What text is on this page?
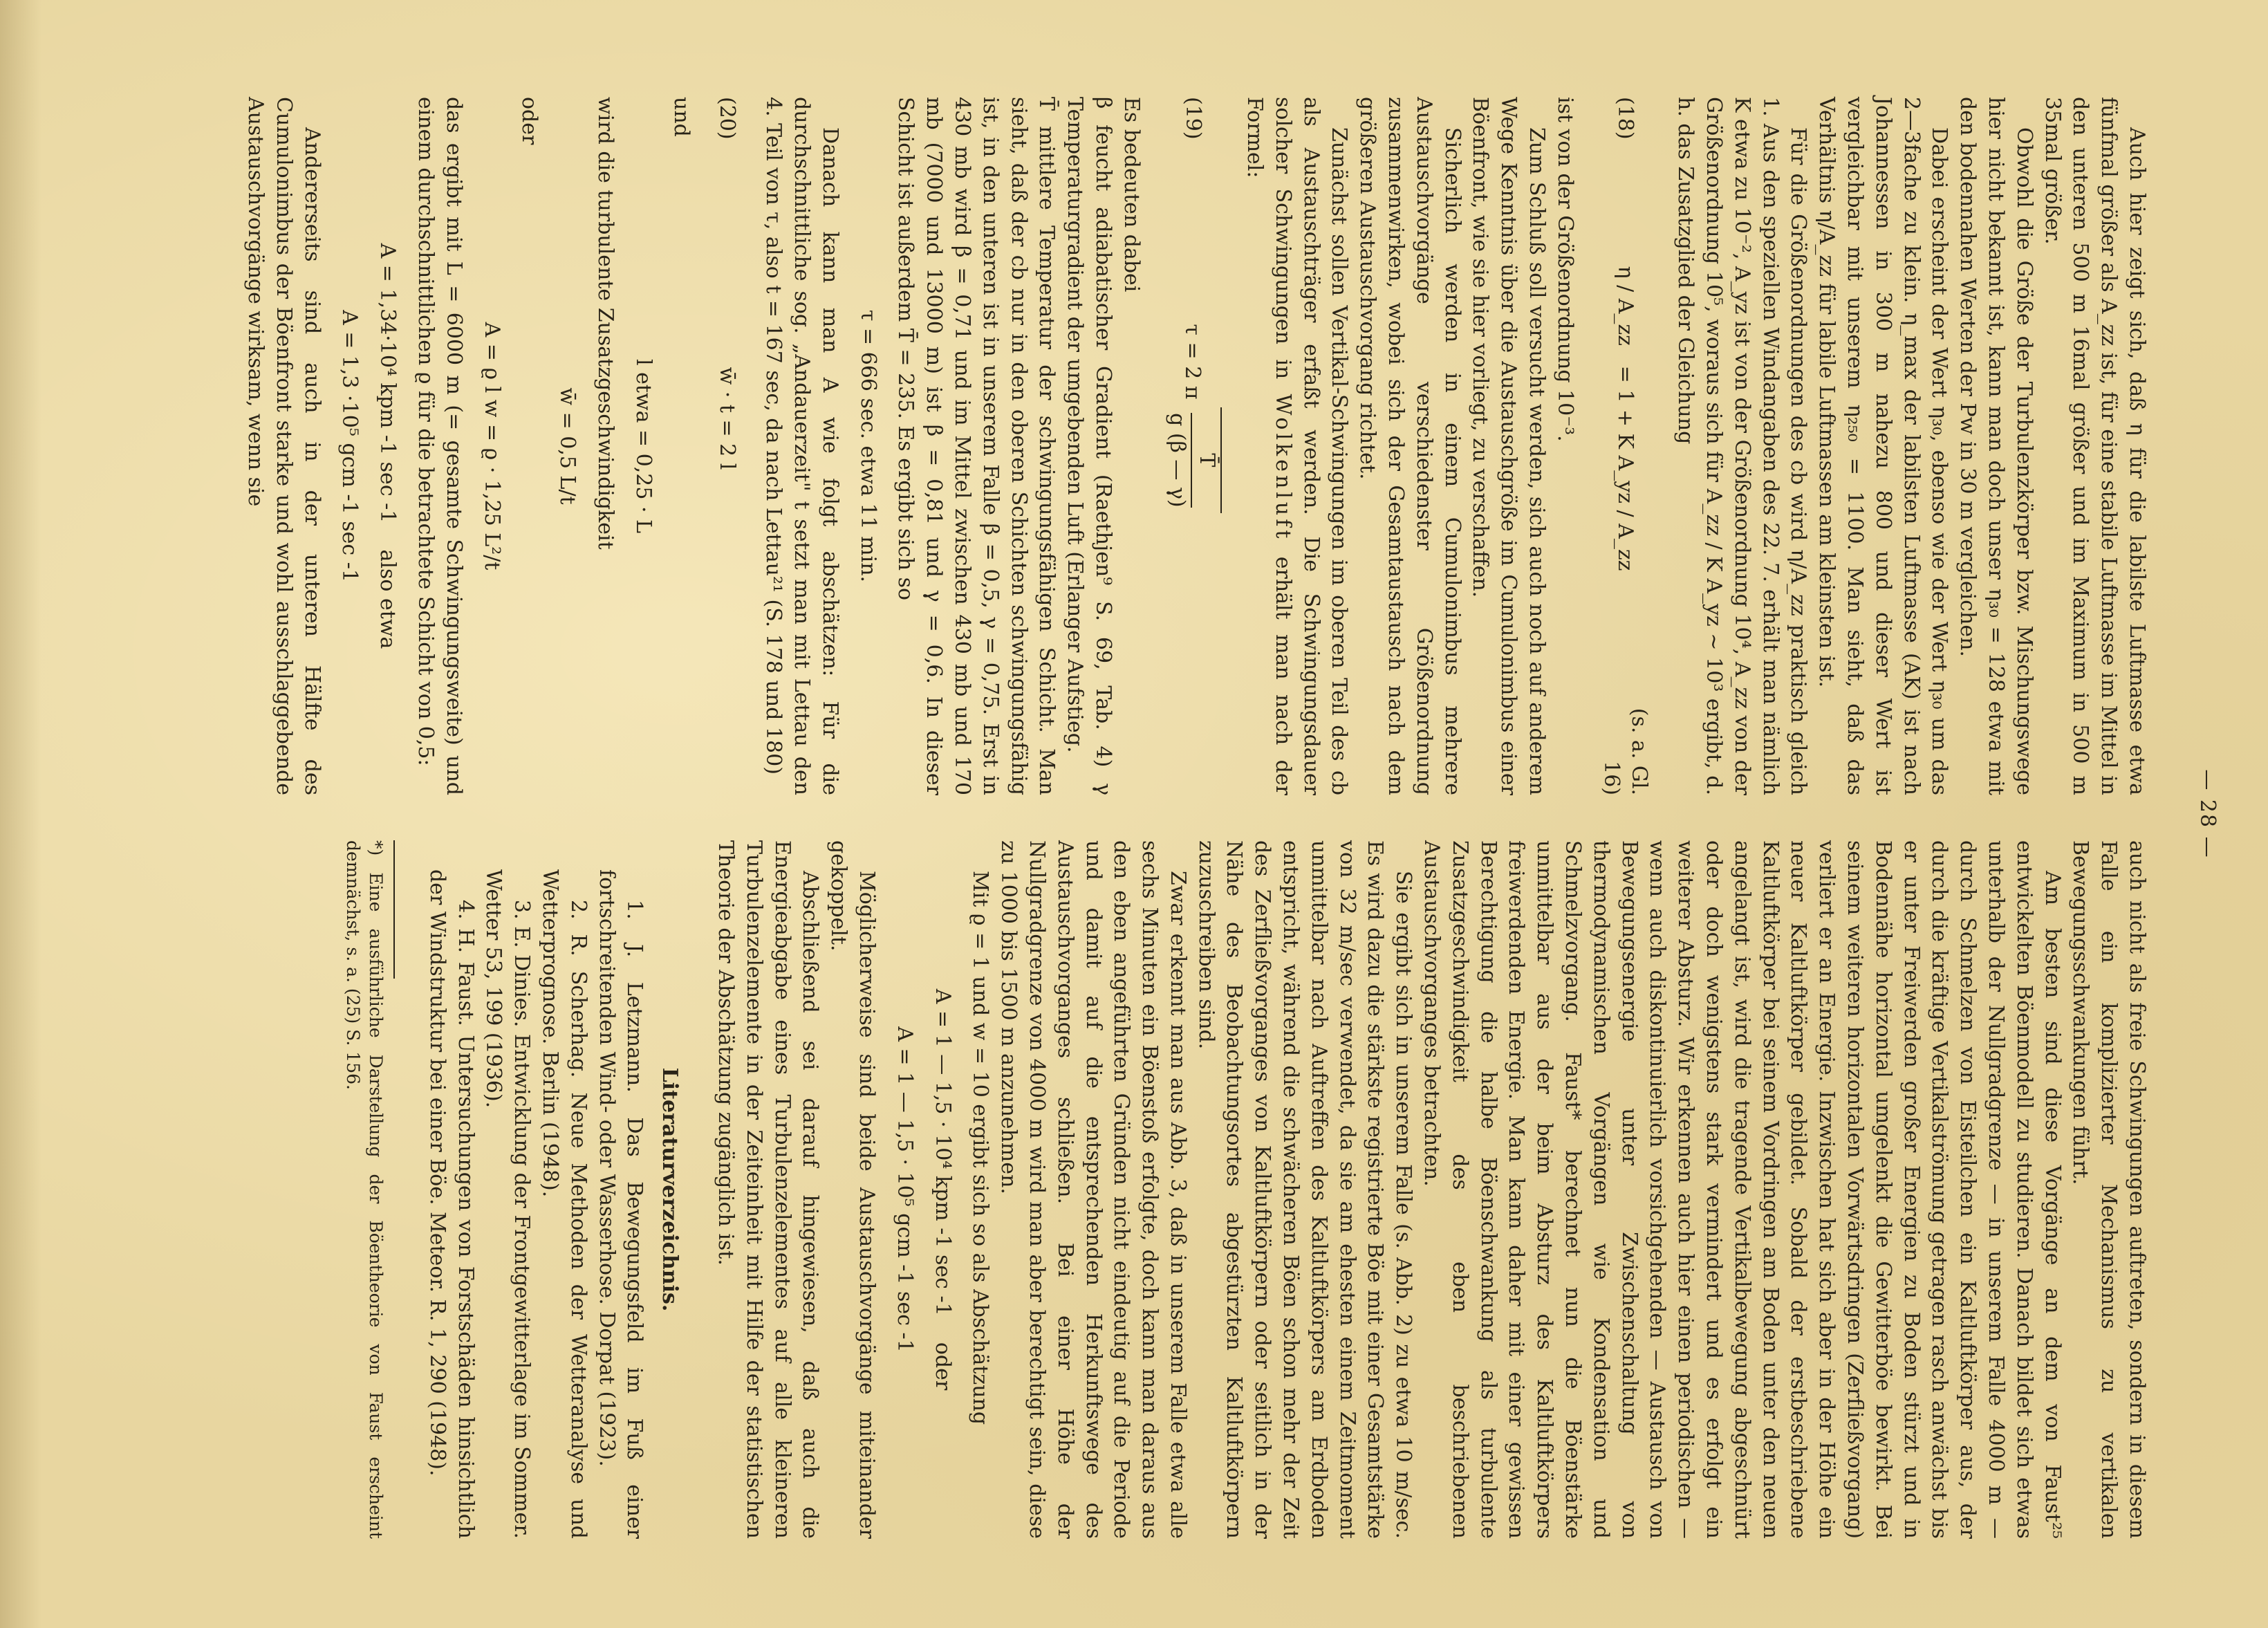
— 28 —

Auch hier zeigt sich, daß η für die labilste Luftmasse etwa fünfmal größer als A_zz ist, für eine stabile Luftmasse im Mittel in den unteren 500 m 16mal größer und im Maximum in 500 m 35mal größer.

Obwohl die Größe der Turbulenzkörper bzw. Mischungswege hier nicht bekannt ist, kann man doch unser η₃₀ = 128 etwa mit den bodennahen Werten der Pw in 30 m vergleichen.

Dabei erscheint der Wert η₃₀, ebenso wie der Wert η₃₀ um das 2—3fache zu klein. η_max der labilsten Luftmasse (AK) ist nach Johannessen in 300 m nahezu 800 und dieser Wert ist vergleichbar mit unserem η₂₅₀ = 1100. Man sieht, daß das Verhältnis η/A_zz für labile Luftmassen am kleinsten ist.

Für die Größenordnungen des cb wird η/A_zz praktisch gleich 1. Aus den speziellen Windangaben des 22. 7. erhält man nämlich K etwa zu 10⁻², A_yz ist von der Größenordnung 10⁴, A_zz von der Größenordnung 10⁵, woraus sich für A_zz / K A_yz ~ 10³ ergibt, d. h. das Zusatzglied der Gleichung

(18)
η / A_zz   = 1 + K A_yz / A_zz
(s. a. Gl. 16)

ist von der Größenordnung 10⁻³.

Zum Schluß soll versucht werden, sich auch noch auf anderem Wege Kenntnis über die Austauschgröße im Cumulonimbus einer Böenfront, wie sie hier vorliegt, zu verschaffen.

Sicherlich werden in einem Cumulonimbus mehrere Austauschvorgänge verschiedenster Größenordnung zusammenwirken, wobei sich der Gesamtaustausch nach dem größeren Austauschvorgang richtet.

Zunächst sollen Vertikal-Schwingungen im oberen Teil des cb als Austauschträger erfaßt werden. Die Schwingungsdauer solcher Schwingungen in Wolkenluft erhält man nach der Formel:

(19)
τ = 2 π
T̄
g (β — γ)

Es bedeuten dabei

β feucht adiabatischer Gradient (Raethjen⁹ S. 69, Tab. 4) γ Temperaturgradient der umgebenden Luft (Erlanger Aufstieg.

T̄ mittlere Temperatur der schwingungsfähigen Schicht. Man sieht, daß der cb nur in den oberen Schichten schwingungsfähig ist, in den unteren ist in unserem Falle β = 0,5, γ = 0,75. Erst in 430 mb wird β = 0,71 und im Mittel zwischen 430 mb und 170 mb (7000 und 13000 m) ist β = 0,81 und γ = 0,6. In dieser Schicht ist außerdem T̄ = 235. Es ergibt sich so

τ = 666 sec. etwa 11 min.

Danach kann man A wie folgt abschätzen: Für die durchschnittliche sog. „Andauerzeit" t setzt man mit Lettau den 4. Teil von τ, also t = 167 sec, da nach Lettau²¹ (S. 178 und 180)

(20)
w̄ · t = 2 l

und

l etwa = 0,25 · L

wird die turbulente Zusatzgeschwindigkeit

w̄ = 0,5 L/t

oder

A = ϱ l w = ϱ · 1,25 L²/t

das ergibt mit L = 6000 m (= gesamte Schwingungsweite) und einem durchschnittlichen ϱ für die betrachtete Schicht von 0,5:

A = 1,34·10⁴ kpm -1 sec -1    also etwa
A = 1,3 ·10⁵ gcm -1 sec -1

Andererseits sind auch in der unteren Hälfte des Cumulonimbus der Böenfront starke und wohl ausschlaggebende Austauschvorgänge wirksam, wenn sie

auch nicht als freie Schwingungen auftreten, sondern in diesem Falle ein komplizierter Mechanismus zu vertikalen Bewegungsschwankungen führt.

Am besten sind diese Vorgänge an dem von Faust²⁵ entwickelten Böenmodell zu studieren. Danach bildet sich etwas unterhalb der Nullgradgrenze — in unserem Falle 4000 m — durch Schmelzen von Eisteilchen ein Kaltluftkörper aus, der durch die kräftige Vertikalströmung getragen rasch anwächst bis er unter Freiwerden großer Energien zu Boden stürzt und in Bodennähe horizontal umgelenkt die Gewitterböe bewirkt. Bei seinem weiteren horizontalen Vorwärtsdringen (Zerfließvorgang) verliert er an Energie. Inzwischen hat sich aber in der Höhe ein neuer Kaltluftkörper gebildet. Sobald der erstbeschriebene Kaltluftkörper bei seinem Vordringen am Boden unter den neuen angelangt ist, wird die tragende Vertikalbewegung abgeschnürt oder doch wenigstens stark vermindert und es erfolgt ein weiterer Absturz. Wir erkennen auch hier einen periodischen — wenn auch diskontinuierlich vorsichgehenden — Austausch von Bewegungsenergie unter Zwischenschaltung von thermodynamischen Vorgängen wie Kondensation und Schmelzvorgang. Faust* berechnet nun die Böenstärke unmittelbar aus der beim Absturz des Kaltluftkörpers freiwerdenden Energie. Man kann daher mit einer gewissen Berechtigung die halbe Böenschwankung als turbulente Zusatzgeschwindigkeit des eben beschriebenen Austauschvorganges betrachten.

Sie ergibt sich in unserem Falle (s. Abb. 2) zu etwa 10 m/sec. Es wird dazu die stärkste registrierte Böe mit einer Gesamtstärke von 32 m/sec verwendet, da sie am ehesten einem Zeitmoment unmittelbar nach Auftreffen des Kaltluftkörpers am Erdboden entspricht, während die schwächeren Böen schon mehr der Zeit des Zerfließvorganges von Kaltluftkörpern oder seitlich in der Nähe des Beobachtungsortes abgestürzten Kaltluftkörpern zuzuschreiben sind.

Zwar erkennt man aus Abb. 3, daß in unserem Falle etwa alle sechs Minuten ein Böenstoß erfolgte, doch kann man daraus aus den eben angeführten Gründen nicht eindeutig auf die Periode und damit auf die entsprechenden Herkunftswege des Austauschvorganges schließen. Bei einer Höhe der Nullgradgrenze von 4000 m wird man aber berechtigt sein, diese zu 1000 bis 1500 m anzunehmen.

Mit ϱ = 1 und w = 10 ergibt sich so als Abschätzung

A = 1 — 1,5 · 10⁴ kpm -1 sec -1    oder
A = 1 — 1,5 · 10⁵ gcm -1 sec -1

Möglicherweise sind beide Austauschvorgänge miteinander gekoppelt.

Abschließend sei darauf hingewiesen, daß auch die Energieabgabe eines Turbulenzelementes auf alle kleineren Turbulenzelemente in der Zeiteinheit mit Hilfe der statistischen Theorie der Abschätzung zugänglich ist.

Literaturverzeichnis.

1. J. Letzmann. Das Bewegungsfeld im Fuß einer fortschreitenden Wind- oder Wasserhose. Dorpat (1923).

2. R. Scherhag. Neue Methoden der Wetteranalyse und Wetterprognose. Berlin (1948).

3. E. Dinies. Entwicklung der Frontgewitterlage im Sommer. Wetter 53, 199 (1936).

4. H. Faust. Untersuchungen von Forstschäden hinsichtlich der Windstruktur bei einer Böe. Meteor. R. 1, 290 (1948).

*) Eine ausführliche Darstellung der Böentheorie von Faust erscheint demnächst, s. a. (25) S. 156.
